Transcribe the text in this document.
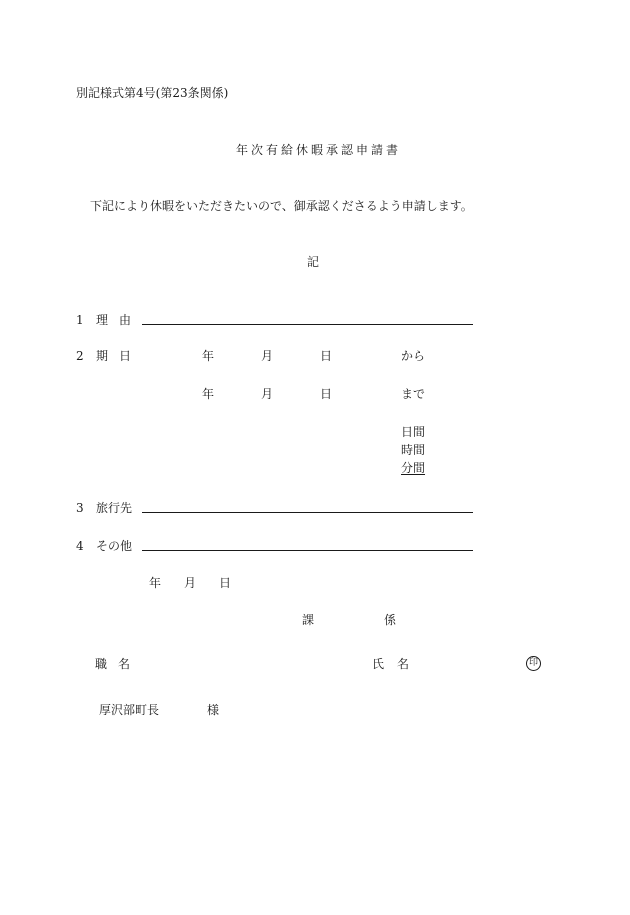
別記様式第4号(第23条関係)
年次有給休暇承認申請書
下記により休暇をいただきたいので、御承認くださるよう申請します。
記
1 理 由
2 期 日	年	月	日	から
年	月	日	まで
日間
時間
分間
3 旅行先
4 その他
年 月 日
課	係
職 名	氏 名	印
厚沢部町長	様
